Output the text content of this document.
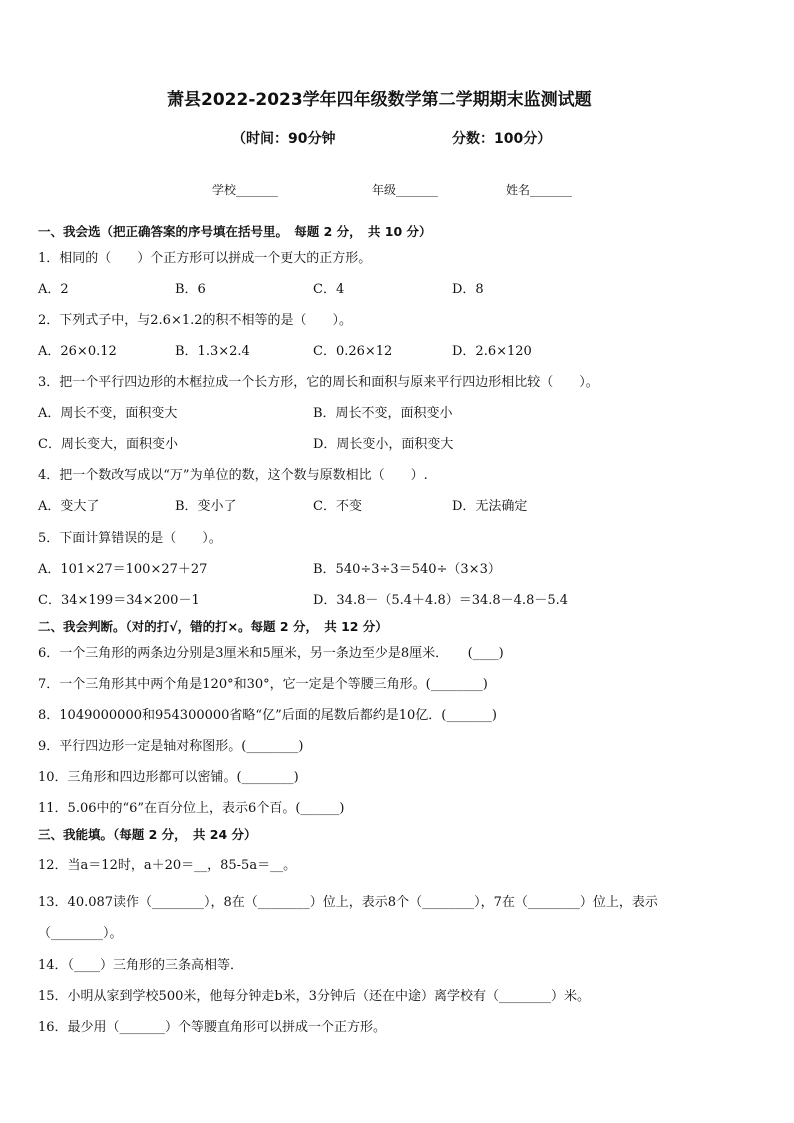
萧县2022-2023学年四年级数学第二学期期末监测试题
（时间：90分钟	分数：100分）
学校_______	年级_______	姓名_______
一、我会选（把正确答案的序号填在括号里。　每题 2 分，　共 10 分）
1．相同的（　　）个正方形可以拼成一个更大的正方形。
A．2	B．6	C．4	D．8
2．下列式子中，与2.6×1.2的积不相等的是（　　）。
A．26×0.12	B．1.3×2.4	C．0.26×12	D．2.6×120
3．把一个平行四边形的木框拉成一个长方形，它的周长和面积与原来平行四边形相比较（　　）。
A．周长不变，面积变大	B．周长不变，面积变小
C．周长变大，面积变小	D．周长变小，面积变大
4．把一个数改写成以“万”为单位的数，这个数与原数相比（　　）.
A．变大了	B．变小了	C．不变	D．无法确定
5．下面计算错误的是（　　）。
A．101×27＝100×27＋27	B．540÷3÷3＝540÷（3×3）
C．34×199＝34×200－1	D．34.8－（5.4＋4.8）＝34.8－4.8－5.4
二、我会判断。（对的打√，错的打×。每题 2 分，　共 12 分）
6．一个三角形的两条边分别是3厘米和5厘米，另一条边至少是8厘米．　　(____)
7．一个三角形其中两个角是120°和30°，它一定是个等腰三角形。(________)
8．1049000000和954300000省略“亿”后面的尾数后都约是10亿．(_______)
9．平行四边形一定是轴对称图形。(________)
10．三角形和四边形都可以密铺。(________)
11．5.06中的“6”在百分位上，表示6个百。(______)
三、我能填。（每题 2 分，　共 24 分）
12．当a＝12时，a＋20＝__，85-5a＝__。
13．40.087读作（________），8在（________）位上，表示8个（________），7在（________）位上，表示
（________）。
14．（____）三角形的三条高相等．
15．小明从家到学校500米，他每分钟走b米，3分钟后（还在中途）离学校有（________）米。
16．最少用（_______）个等腰直角形可以拼成一个正方形。
